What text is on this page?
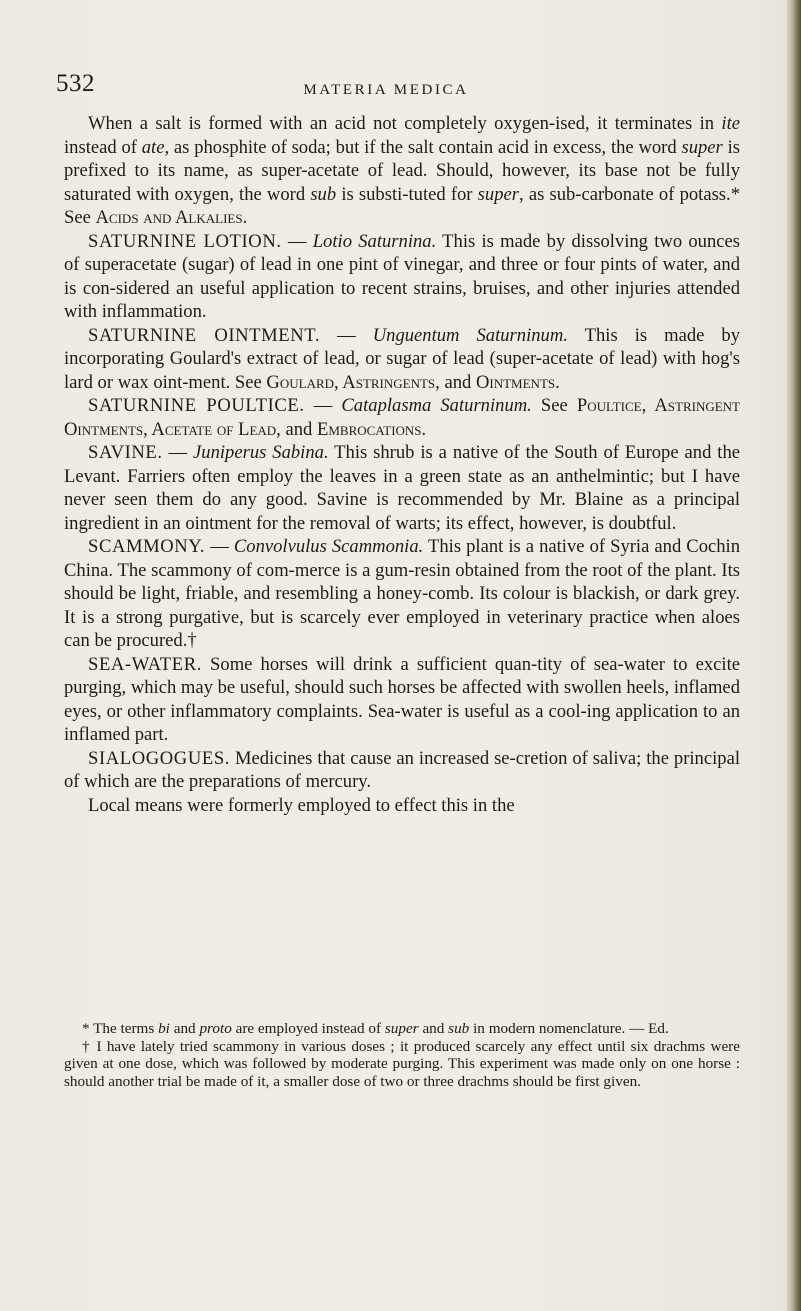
532	MATERIA MEDICA

When a salt is formed with an acid not completely oxygen-ised, it terminates in ite instead of ate, as phosphite of soda; but if the salt contain acid in excess, the word super is prefixed to its name, as super-acetate of lead. Should, however, its base not be fully saturated with oxygen, the word sub is substi-tuted for super, as sub-carbonate of potass.* See Acids and Alkalies.

SATURNINE LOTION. — Lotio Saturnina. This is made by dissolving two ounces of superacetate (sugar) of lead in one pint of vinegar, and three or four pints of water, and is con-sidered an useful application to recent strains, bruises, and other injuries attended with inflammation.

SATURNINE OINTMENT. — Unguentum Saturninum. This is made by incorporating Goulard's extract of lead, or sugar of lead (super-acetate of lead) with hog's lard or wax oint-ment. See Goulard, Astringents, and Ointments.

SATURNINE POULTICE. — Cataplasma Saturninum. See Poultice, Astringent Ointments, Acetate of Lead, and Embrocations.

SAVINE. — Juniperus Sabina. This shrub is a native of the South of Europe and the Levant. Farriers often employ the leaves in a green state as an anthelmintic; but I have never seen them do any good. Savine is recommended by Mr. Blaine as a principal ingredient in an ointment for the removal of warts; its effect, however, is doubtful.

SCAMMONY. — Convolvulus Scammonia. This plant is a native of Syria and Cochin China. The scammony of com-merce is a gum-resin obtained from the root of the plant. Its should be light, friable, and resembling a honey-comb. Its colour is blackish, or dark grey. It is a strong purgative, but is scarcely ever employed in veterinary practice when aloes can be procured.†

SEA-WATER. Some horses will drink a sufficient quan-tity of sea-water to excite purging, which may be useful, should such horses be affected with swollen heels, inflamed eyes, or other inflammatory complaints. Sea-water is useful as a cool-ing application to an inflamed part.

SIALOGOGUES. Medicines that cause an increased se-cretion of saliva; the principal of which are the preparations of mercury.

Local means were formerly employed to effect this in the

* The terms bi and proto are employed instead of super and sub in modern nomenclature. — Ed.

† I have lately tried scammony in various doses ; it produced scarcely any effect until six drachms were given at one dose, which was followed by moderate purging. This experiment was made only on one horse : should another trial be made of it, a smaller dose of two or three drachms should be first given.
